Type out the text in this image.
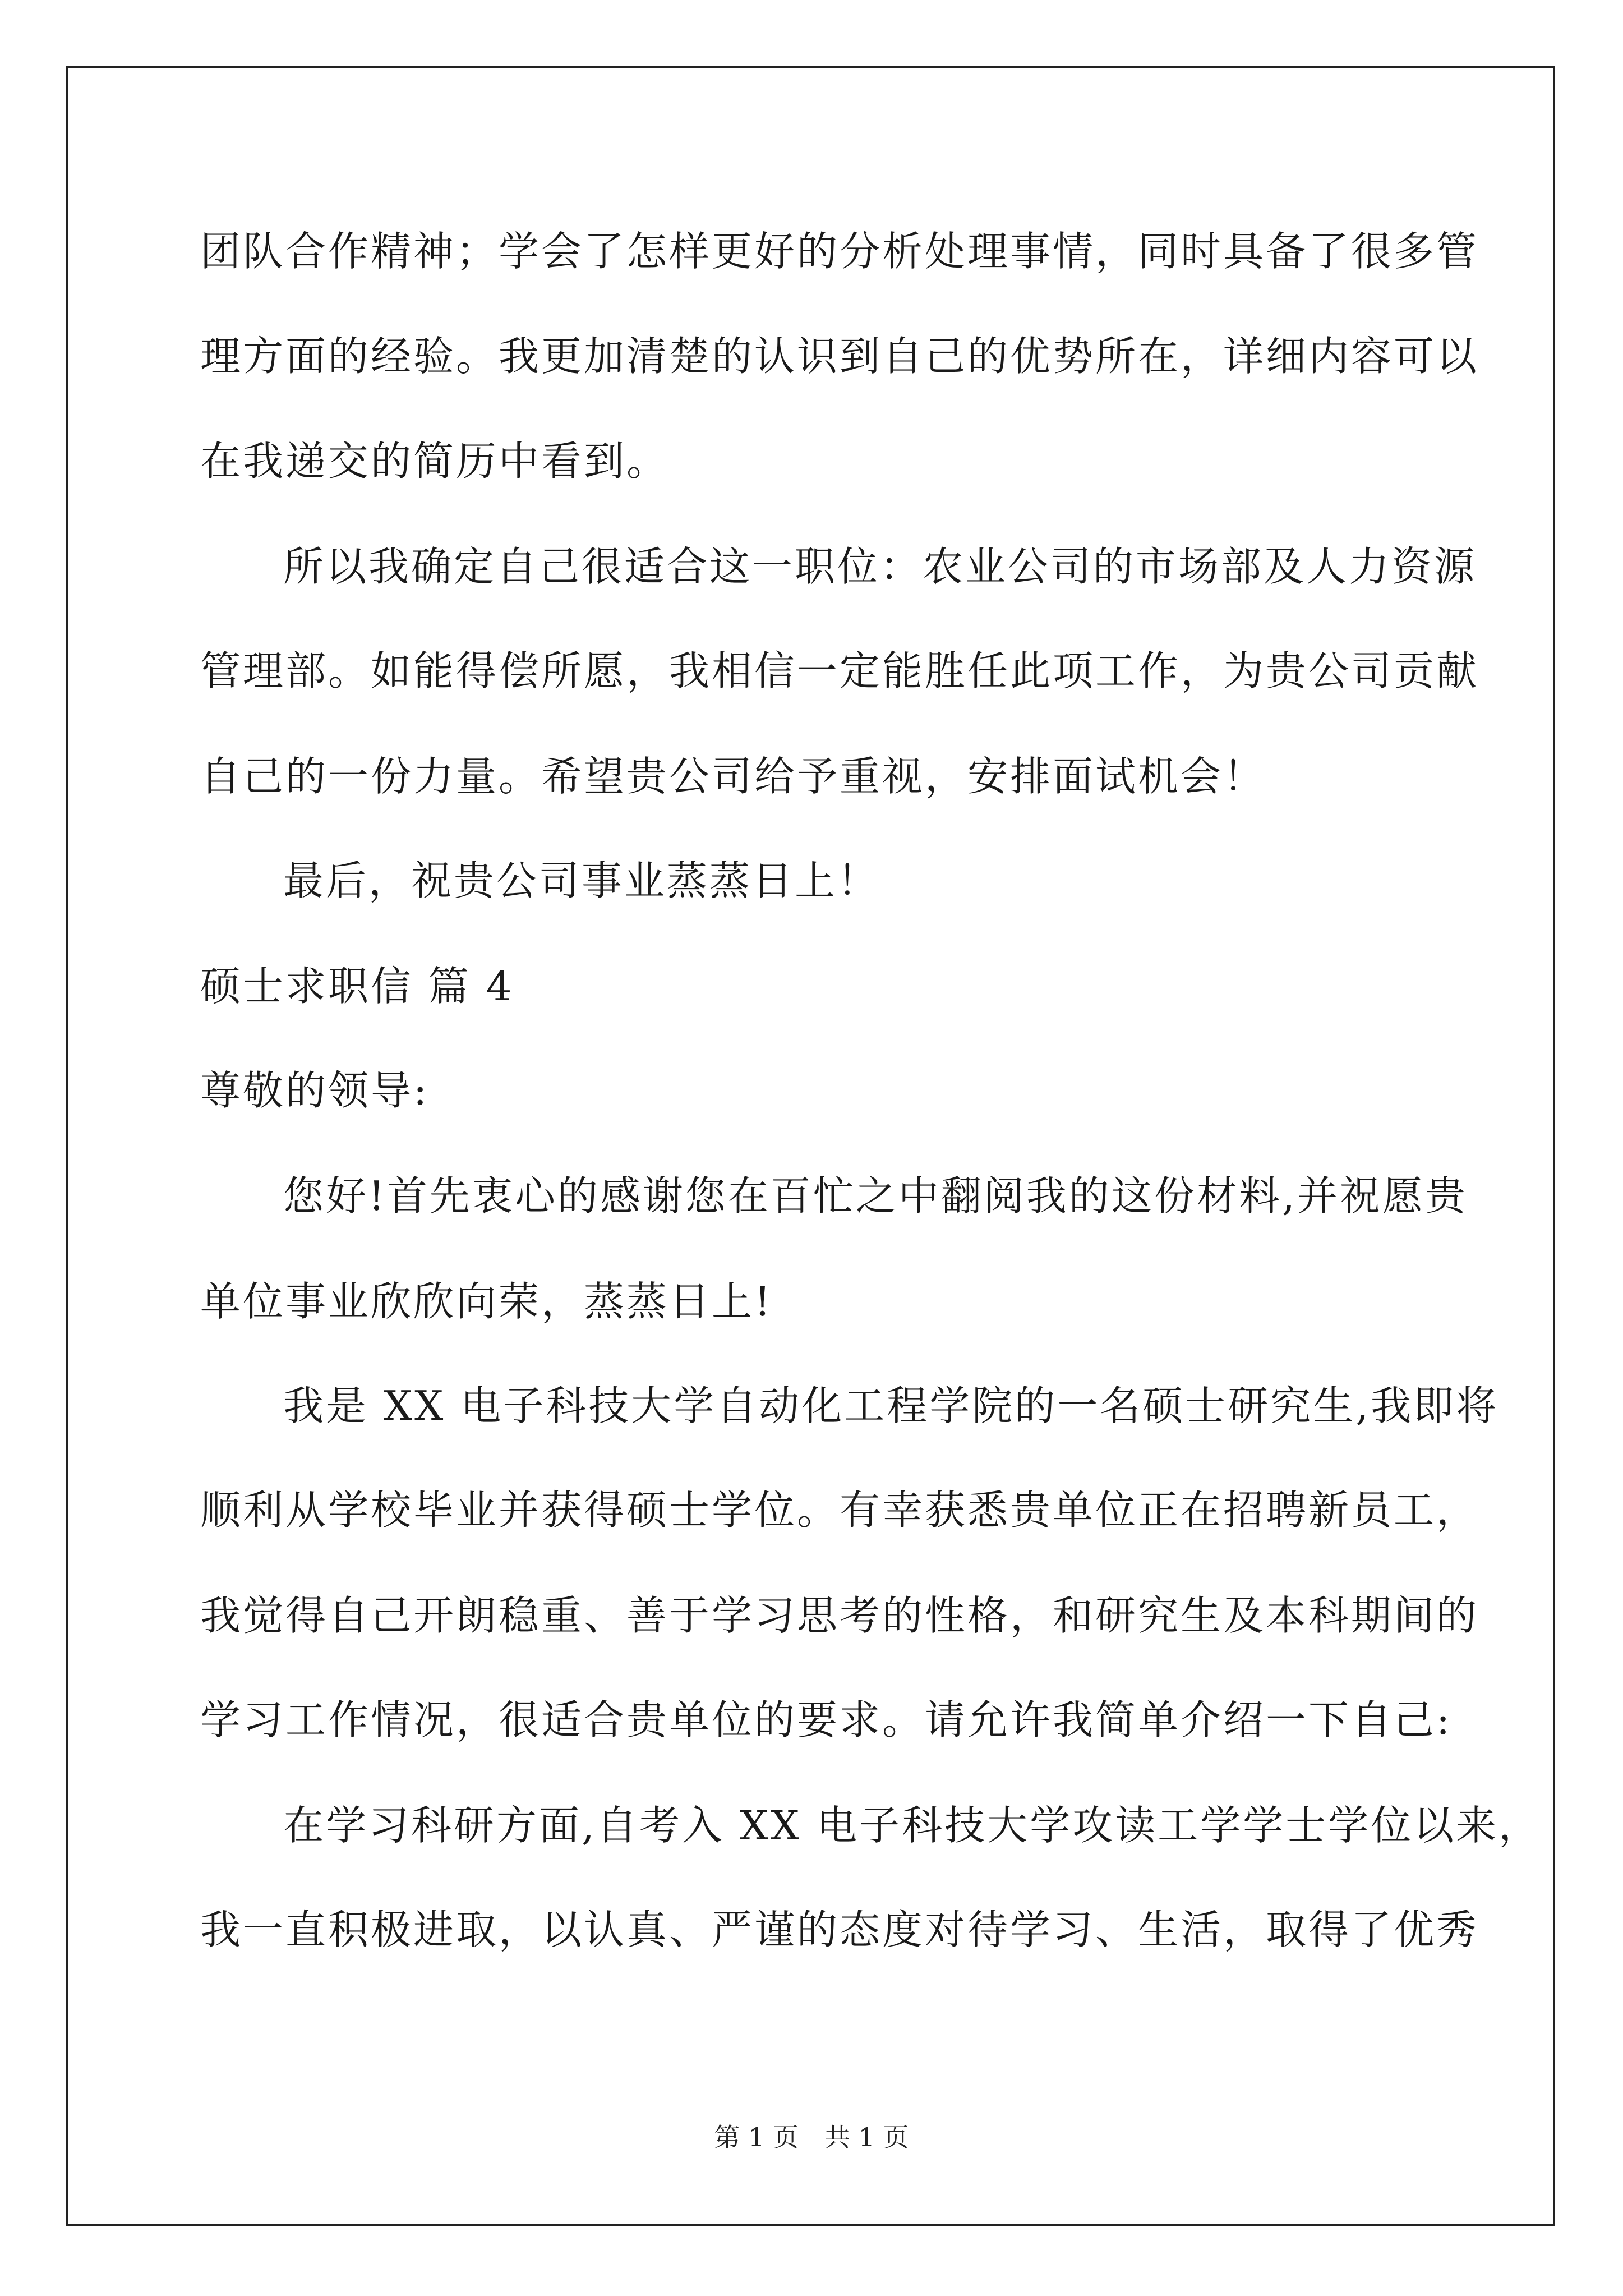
团队合作精神；学会了怎样更好的分析处理事情，同时具备了很多管
理方面的经验。我更加清楚的认识到自己的优势所在，详细内容可以
在我递交的简历中看到。
所以我确定自己很适合这一职位：农业公司的市场部及人力资源
管理部。如能得偿所愿，我相信一定能胜任此项工作，为贵公司贡献
自己的一份力量。希望贵公司给予重视，安排面试机会！
最后，祝贵公司事业蒸蒸日上！
硕士求职信 篇 4
尊敬的领导:
您好!首先衷心的感谢您在百忙之中翻阅我的这份材料,并祝愿贵
单位事业欣欣向荣，蒸蒸日上!
我是 XX 电子科技大学自动化工程学院的一名硕士研究生,我即将
顺利从学校毕业并获得硕士学位。有幸获悉贵单位正在招聘新员工，
我觉得自己开朗稳重、善于学习思考的性格，和研究生及本科期间的
学习工作情况，很适合贵单位的要求。请允许我简单介绍一下自己:
在学习科研方面,自考入 XX 电子科技大学攻读工学学士学位以来，
我一直积极进取，以认真、严谨的态度对待学习、生活，取得了优秀
第 1 页　共 1 页
